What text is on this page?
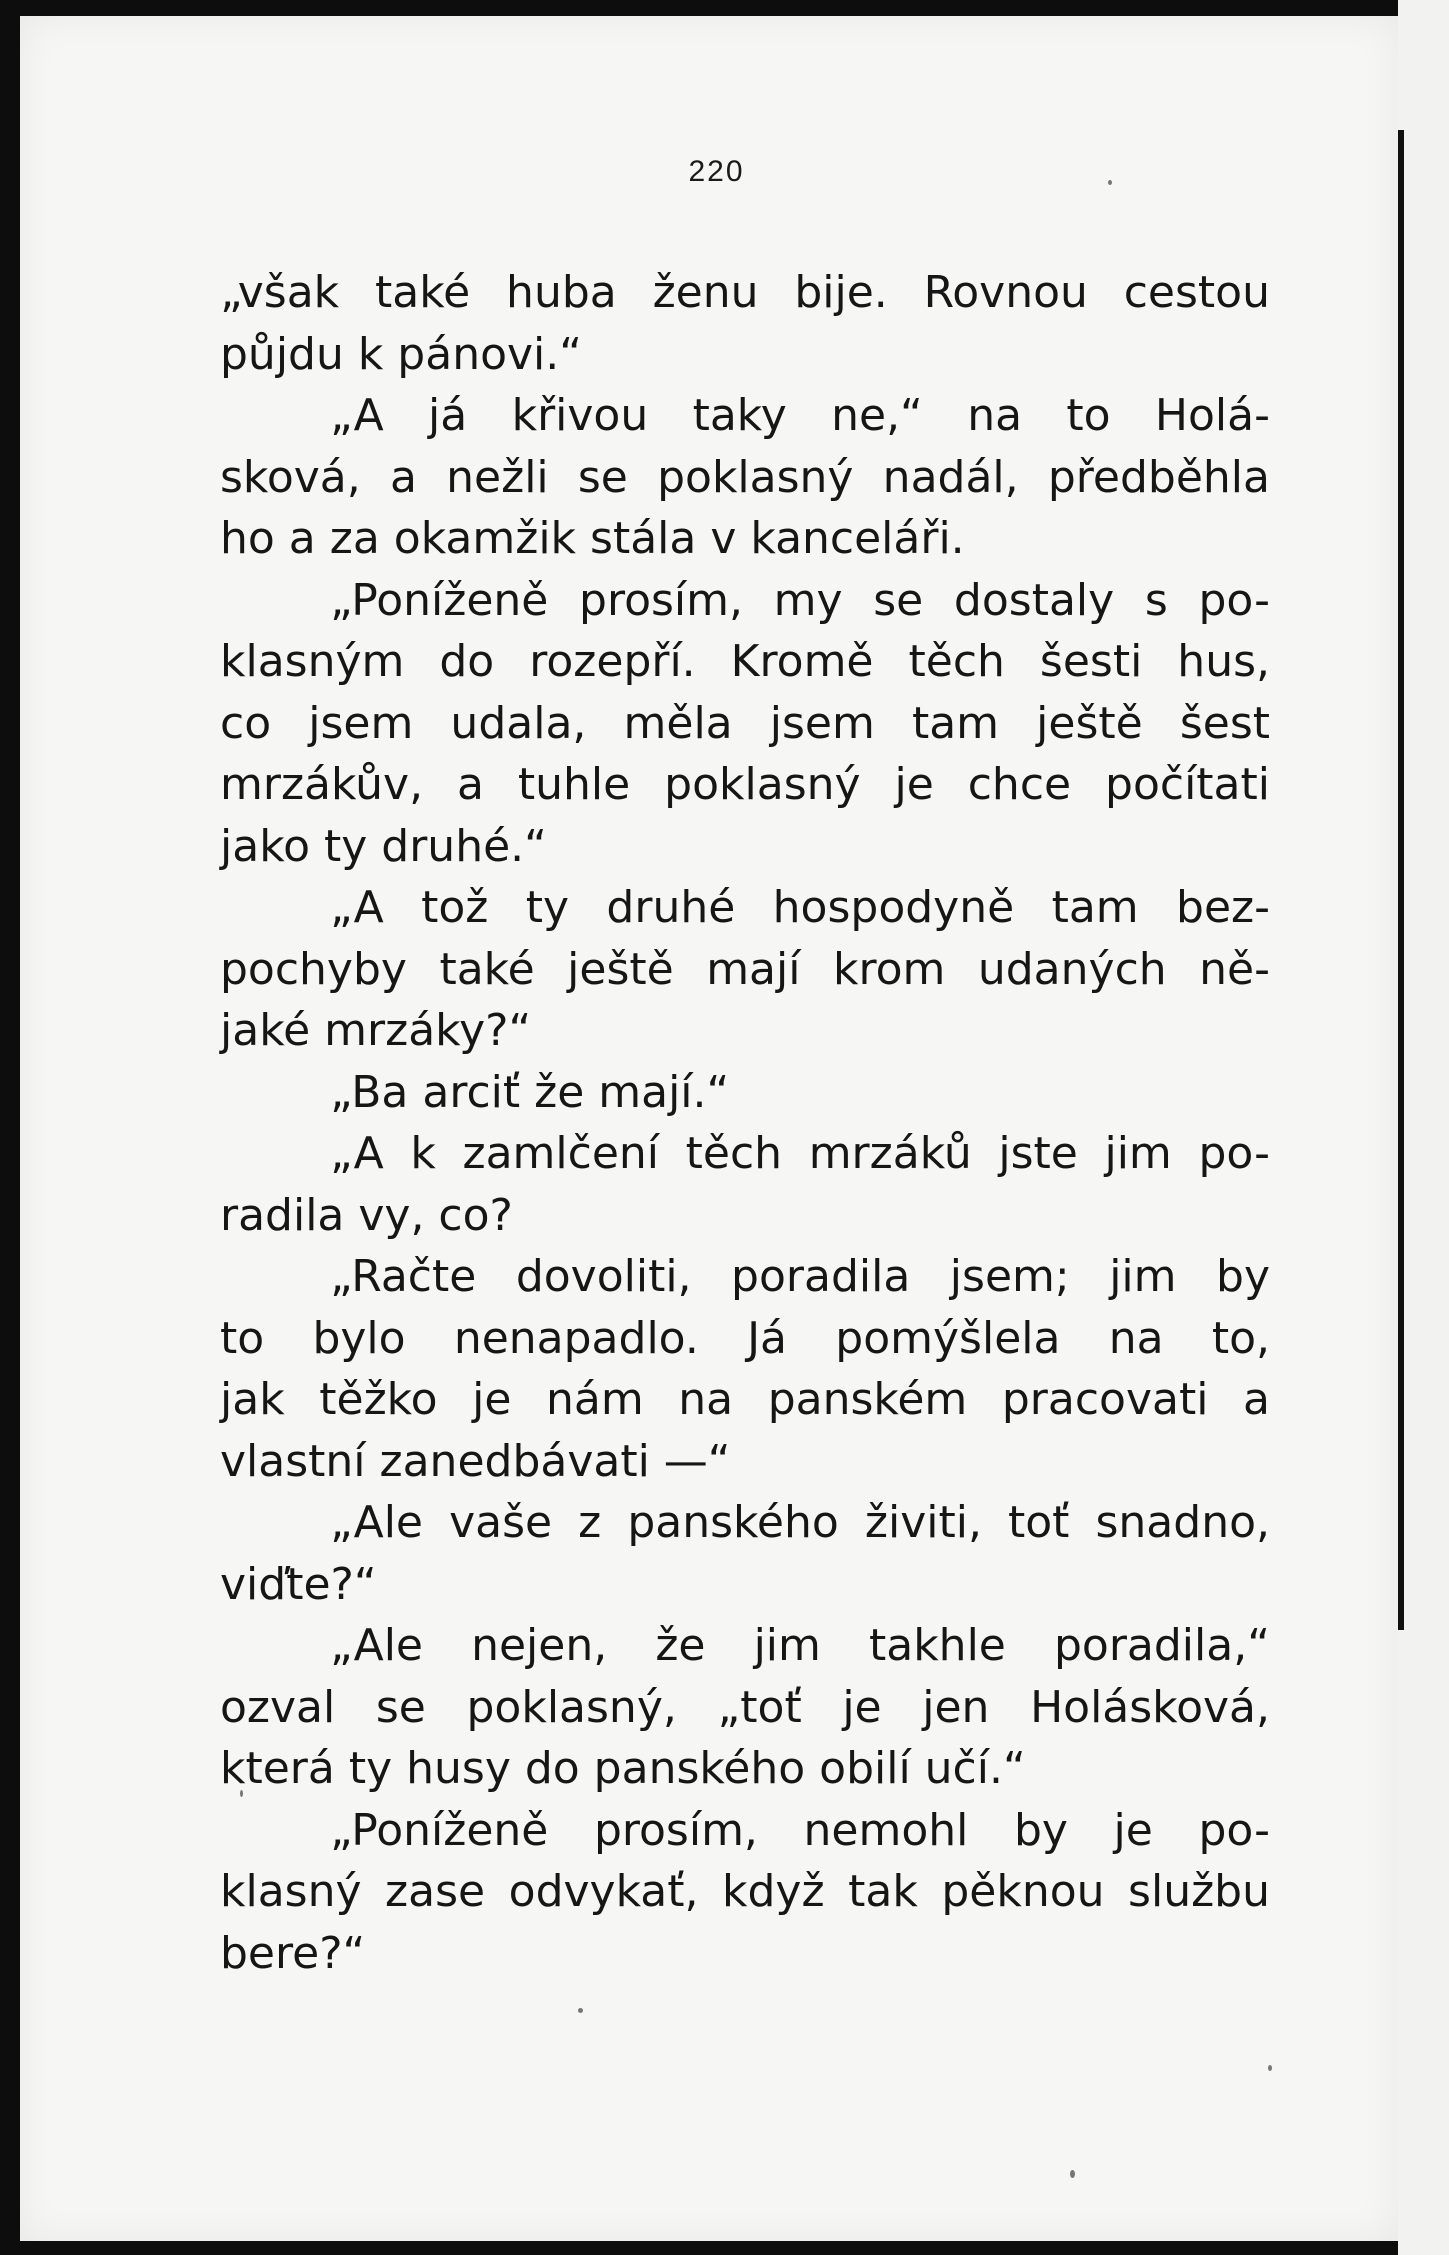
220
„však také huba ženu bije. Rovnou cestou
půjdu k pánovi.“
„A já křivou taky ne,“ na to Holá-
sková, a nežli se poklasný nadál, předběhla
ho a za okamžik stála v kanceláři.
„Poníženě prosím, my se dostaly s po-
klasným do rozepří. Kromě těch šesti hus,
co jsem udala, měla jsem tam ještě šest
mrzákův, a tuhle poklasný je chce počítati
jako ty druhé.“
„A tož ty druhé hospodyně tam bez-
pochyby také ještě mají krom udaných ně-
jaké mrzáky?“
„Ba arciť že mají.“
„A k zamlčení těch mrzáků jste jim po-
radila vy, co?
„Račte dovoliti, poradila jsem; jim by
to bylo nenapadlo. Já pomýšlela na to,
jak těžko je nám na panském pracovati a
vlastní zanedbávati —“
„Ale vaše z panského živiti, toť snadno,
viďte?“
„Ale nejen, že jim takhle poradila,“
ozval se poklasný, „toť je jen Holásková,
která ty husy do panského obilí učí.“
„Poníženě prosím, nemohl by je po-
klasný zase odvykať, když tak pěknou službu
bere?“
